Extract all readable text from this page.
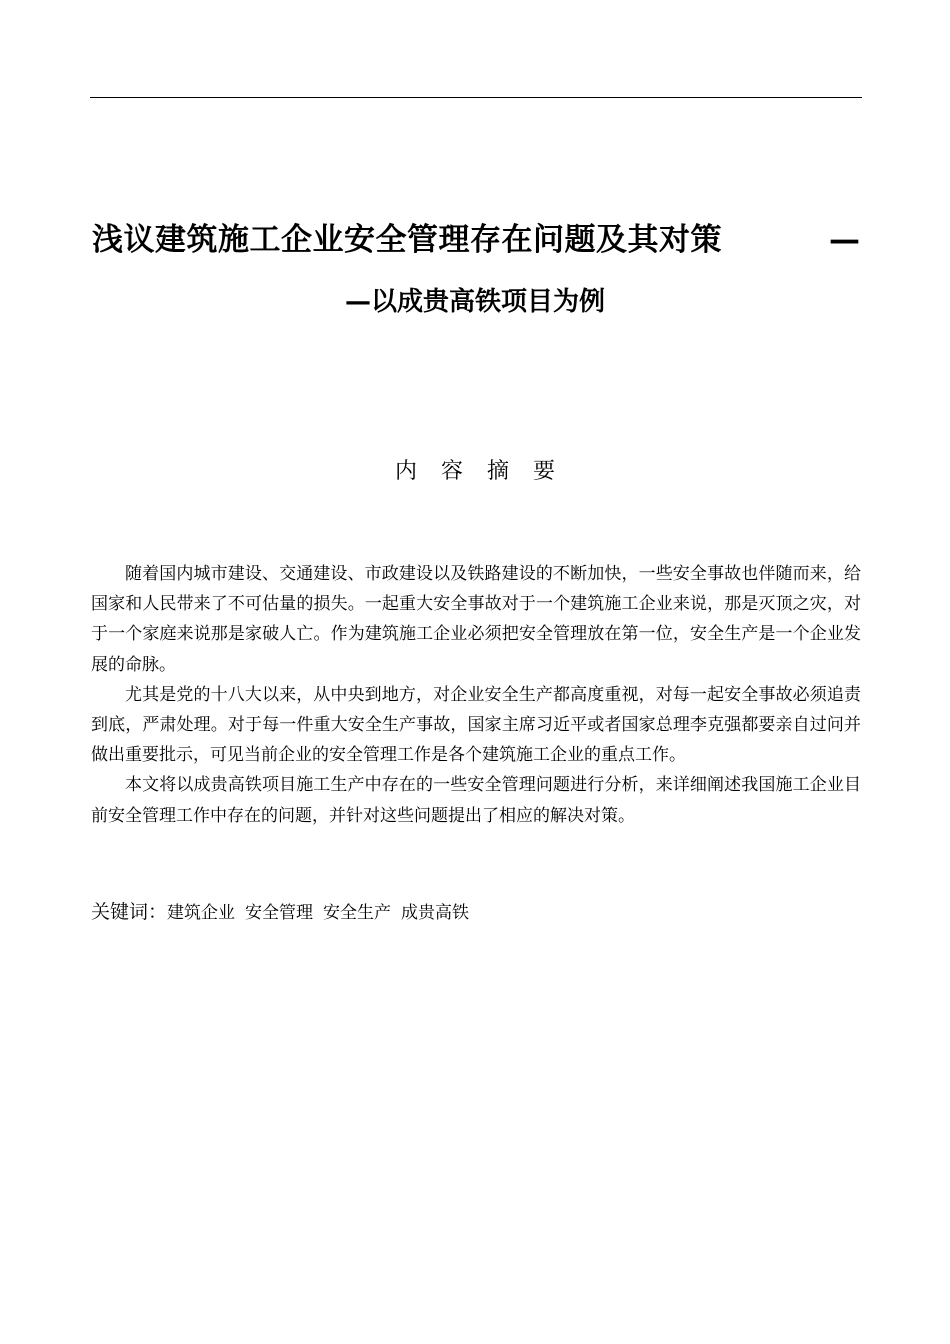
浅议建筑施工企业安全管理存在问题及其对策	—
—以成贵高铁项目为例
内容摘要

随着国内城市建设、交通建设、市政建设以及铁路建设的不断加快，一些安全事故也伴随而来，给国家和人民带来了不可估量的损失。一起重大安全事故对于一个建筑施工企业来说，那是灭顶之灾，对于一个家庭来说那是家破人亡。作为建筑施工企业必须把安全管理放在第一位，安全生产是一个企业发展的命脉。

尤其是党的十八大以来，从中央到地方，对企业安全生产都高度重视，对每一起安全事故必须追责到底，严肃处理。对于每一件重大安全生产事故，国家主席习近平或者国家总理李克强都要亲自过问并做出重要批示，可见当前企业的安全管理工作是各个建筑施工企业的重点工作。

本文将以成贵高铁项目施工生产中存在的一些安全管理问题进行分析，来详细阐述我国施工企业目前安全管理工作中存在的问题，并针对这些问题提出了相应的解决对策。

关键词：建筑企业 安全管理 安全生产 成贵高铁
